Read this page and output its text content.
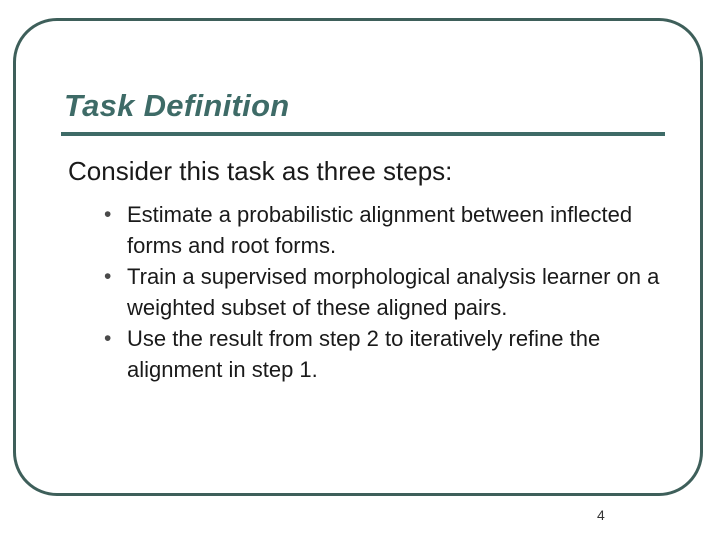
Task Definition
Consider this task as three steps:
• Estimate a probabilistic alignment between inflected forms and root forms.
• Train a supervised morphological analysis learner on a weighted subset of these aligned pairs.
• Use the result from step 2 to iteratively refine the alignment in step 1.
4
